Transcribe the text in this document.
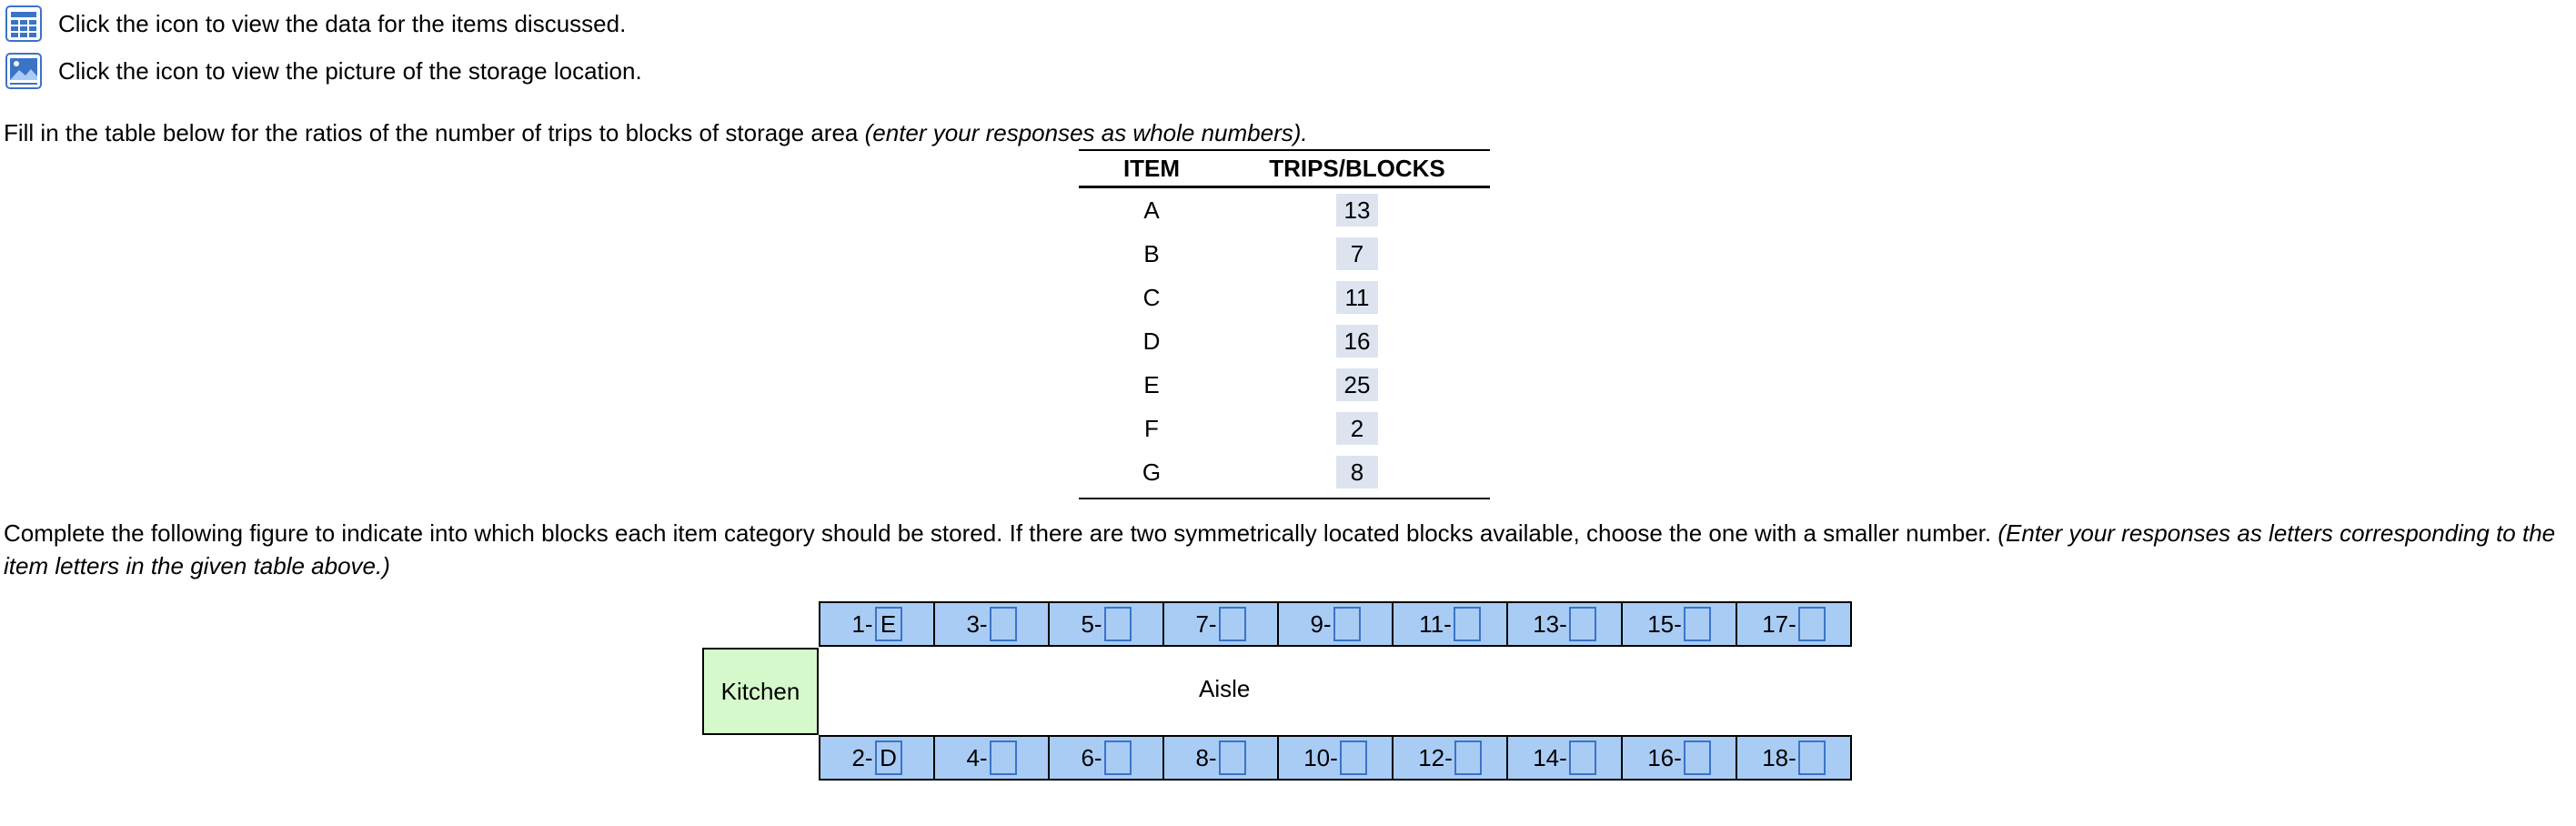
Click the icon to view the data for the items discussed.
Click the icon to view the picture of the storage location.
Fill in the table below for the ratios of the number of trips to blocks of storage area (enter your responses as whole numbers).
ITEM	TRIPS/BLOCKS
A	13
B	7
C	11
D	16
E	25
F	2
G	8
Complete the following figure to indicate into which blocks each item category should be stored. If there are two symmetrically located blocks available, choose the one with a smaller number. (Enter your responses as letters corresponding to the item letters in the given table above.)
1- E	3-	5-	7-	9-	11-	13-	15-	17-
Kitchen	Aisle
2- D	4-	6-	8-	10-	12-	14-	16-	18-
